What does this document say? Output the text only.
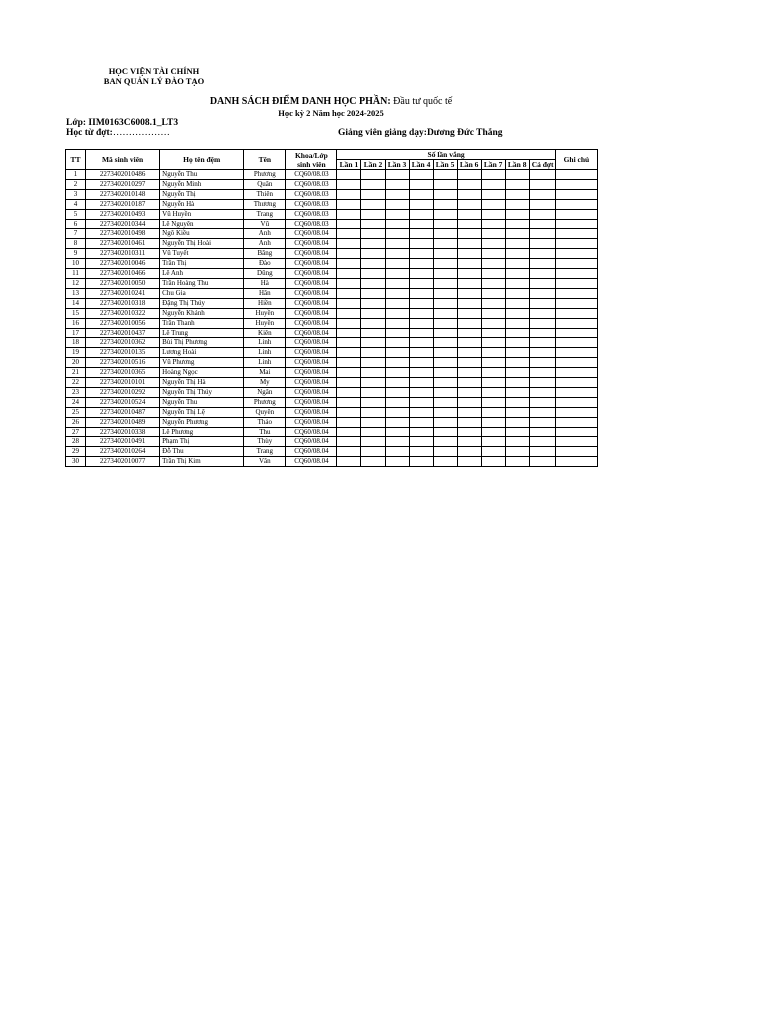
HỌC VIỆN TÀI CHÍNH
BAN QUẢN LÝ ĐÀO TẠO
DANH SÁCH ĐIỂM DANH HỌC PHẦN: Đầu tư quốc tế
Học kỳ 2 Năm học 2024-2025
Lớp: IIM0163C6008.1_LT3
Học từ đợt:………………	Giảng viên giảng dạy:Dương Đức Thắng
TT	Mã sinh viên	Họ tên đệm	Tên	Khoa/Lớp sinh viên	Số lần vắng									Ghi chú
					Lần 1	Lần 2	Lần 3	Lần 4	Lần 5	Lần 6	Lần 7	Lần 8	Cả đợt	
1	2273402010486	Nguyễn Thu	Phương	CQ60/08.03										
2	2273402010297	Nguyễn Minh	Quân	CQ60/08.03										
3	2273402010148	Nguyễn Thị	Thiên	CQ60/08.03										
4	2273402010187	Nguyễn Hà	Thương	CQ60/08.03										
5	2273402010493	Vũ Huyền	Trang	CQ60/08.03										
6	2273402010344	Lê Nguyên	Vũ	CQ60/08.03										
7	2273402010498	Ngô Kiều	Anh	CQ60/08.04										
8	2273402010461	Nguyễn Thị Hoài	Anh	CQ60/08.04										
9	2273402010311	Vũ Tuyết	Băng	CQ60/08.04										
10	2273402010046	Trần Thị	Đào	CQ60/08.04										
11	2273402010466	Lê Anh	Dũng	CQ60/08.04										
12	2273402010050	Trần Hoàng Thu	Hà	CQ60/08.04										
13	2273402010241	Chu Gia	Hân	CQ60/08.04										
14	2273402010318	Đặng Thị Thúy	Hiền	CQ60/08.04										
15	2273402010322	Nguyễn Khánh	Huyền	CQ60/08.04										
16	2273402010056	Trần Thanh	Huyền	CQ60/08.04										
17	2273402010437	Lê Trung	Kiên	CQ60/08.04										
18	2273402010362	Bùi Thị Phương	Linh	CQ60/08.04										
19	2273402010135	Lương Hoài	Linh	CQ60/08.04										
20	2273402010516	Vũ Phương	Linh	CQ60/08.04										
21	2273402010365	Hoàng Ngọc	Mai	CQ60/08.04										
22	2273402010101	Nguyễn Thị Hà	My	CQ60/08.04										
23	2273402010292	Nguyễn Thị Thúy	Ngân	CQ60/08.04										
24	2273402010524	Nguyễn Thu	Phương	CQ60/08.04										
25	2273402010487	Nguyễn Thị Lệ	Quyên	CQ60/08.04										
26	2273402010489	Nguyễn Phương	Thảo	CQ60/08.04										
27	2273402010338	Lê Phương	Thu	CQ60/08.04										
28	2273402010491	Phạm Thị	Thùy	CQ60/08.04										
29	2273402010264	Đỗ Thu	Trang	CQ60/08.04										
30	2273402010077	Trần Thị Kim	Vân	CQ60/08.04										
